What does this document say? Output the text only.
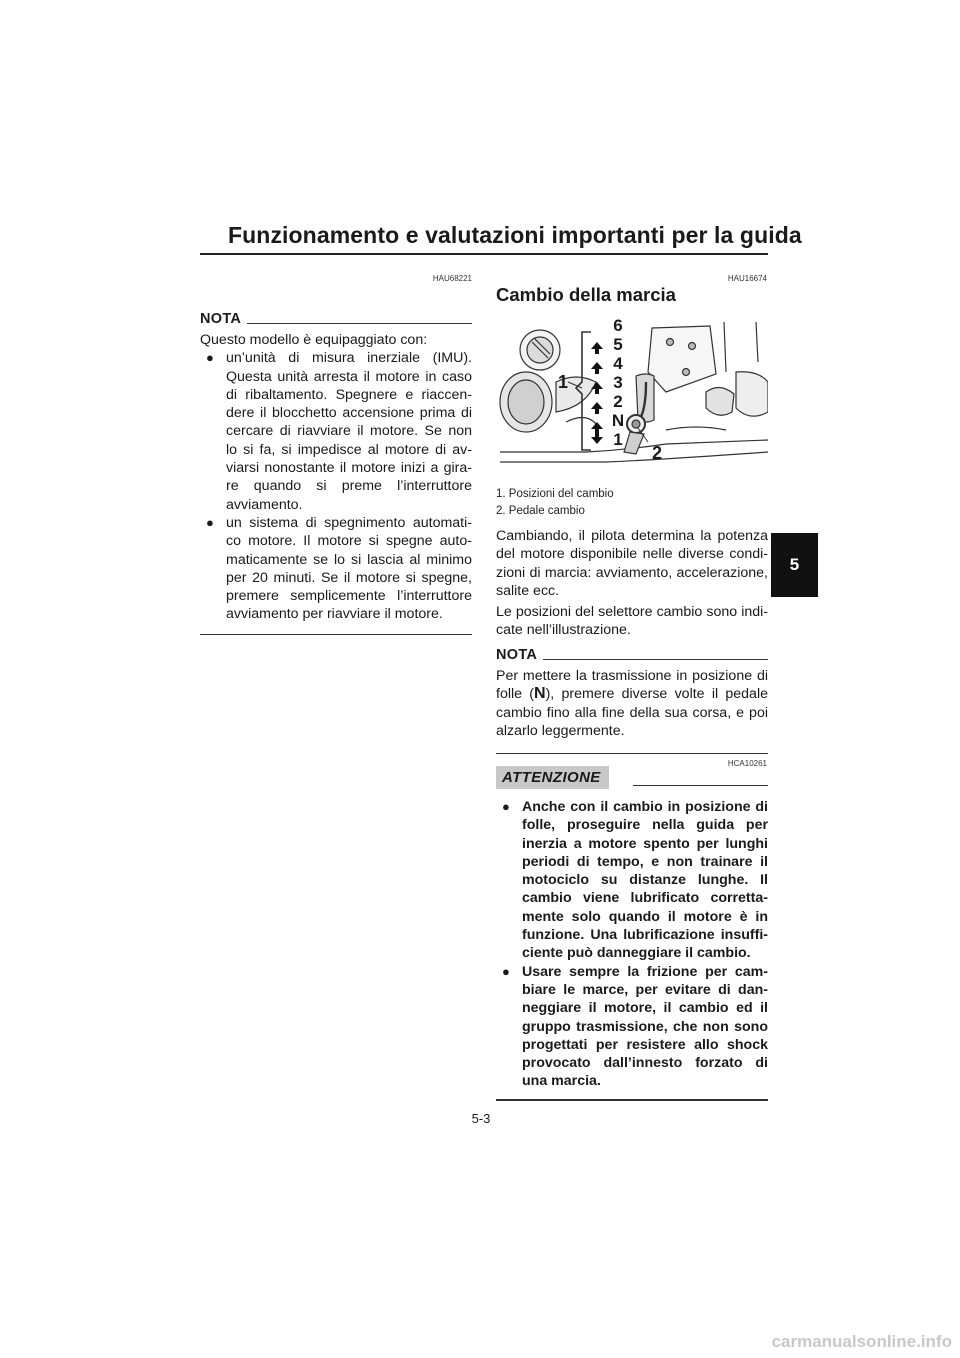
Funzionamento e valutazioni importanti per la guida
5
HAU68221
NOTA
Questo modello è equipaggiato con:
● un’unità di misura inerziale (IMU). Questa unità arresta il motore in caso di ribaltamento. Spegnere e riaccen-dere il blocchetto accensione prima di cercare di riavviare il motore. Se non lo si fa, si impedisce al motore di av-viarsi nonostante il motore inizi a gira-re quando si preme l’interruttore avviamento.
● un sistema di spegnimento automati-co motore. Il motore si spegne auto-maticamente se lo si lascia al minimo per 20 minuti. Se il motore si spegne, premere semplicemente l’interruttore avviamento per riavviare il motore.
HAU16674
Cambio della marcia
6
5
4
3
2
N
1
1
2
1. Posizioni del cambio
2. Pedale cambio
Cambiando, il pilota determina la potenza del motore disponibile nelle diverse condi-zioni di marcia: avviamento, accelerazione, salite ecc.
Le posizioni del selettore cambio sono indi-cate nell’illustrazione.
NOTA
Per mettere la trasmissione in posizione di folle (N), premere diverse volte il pedale cambio fino alla fine della sua corsa, e poi alzarlo leggermente.
HCA10261
ATTENZIONE
● Anche con il cambio in posizione di folle, proseguire nella guida per inerzia a motore spento per lunghi periodi di tempo, e non trainare il motociclo su distanze lunghe. Il cambio viene lubrificato corretta-mente solo quando il motore è in funzione. Una lubrificazione insuffi-ciente può danneggiare il cambio.
● Usare sempre la frizione per cam-biare le marce, per evitare di dan-neggiare il motore, il cambio ed il gruppo trasmissione, che non sono progettati per resistere allo shock provocato dall’innesto forzato di una marcia.
5-3
carmanualsonline.info
